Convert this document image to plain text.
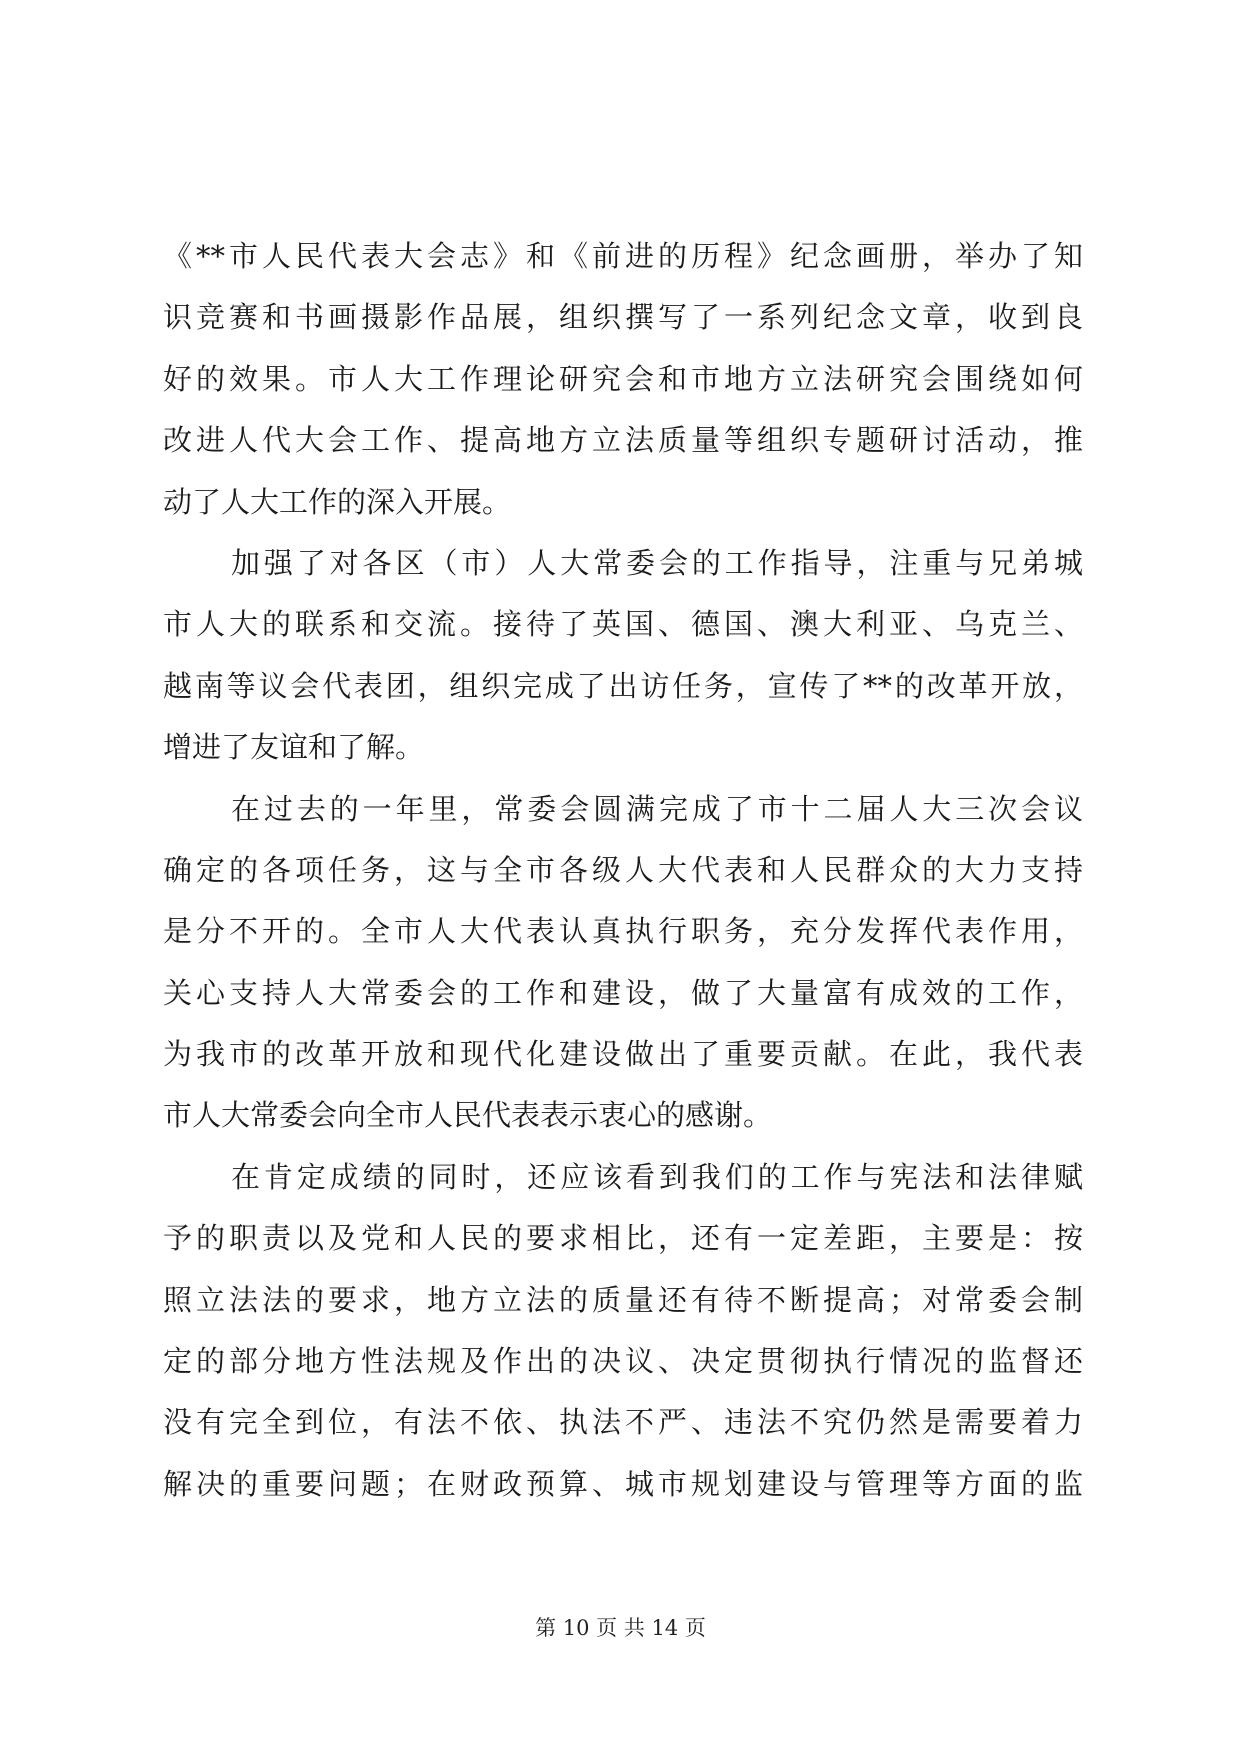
《**市人民代表大会志》和《前进的历程》纪念画册，举办了知
识竞赛和书画摄影作品展，组织撰写了一系列纪念文章，收到良
好的效果。市人大工作理论研究会和市地方立法研究会围绕如何
改进人代大会工作、提高地方立法质量等组织专题研讨活动，推
动了人大工作的深入开展。
加强了对各区（市）人大常委会的工作指导，注重与兄弟城
市人大的联系和交流。接待了英国、德国、澳大利亚、乌克兰、
越南等议会代表团，组织完成了出访任务，宣传了**的改革开放，
增进了友谊和了解。
在过去的一年里，常委会圆满完成了市十二届人大三次会议
确定的各项任务，这与全市各级人大代表和人民群众的大力支持
是分不开的。全市人大代表认真执行职务，充分发挥代表作用，
关心支持人大常委会的工作和建设，做了大量富有成效的工作，
为我市的改革开放和现代化建设做出了重要贡献。在此，我代表
市人大常委会向全市人民代表表示衷心的感谢。
在肯定成绩的同时，还应该看到我们的工作与宪法和法律赋
予的职责以及党和人民的要求相比，还有一定差距，主要是：按
照立法法的要求，地方立法的质量还有待不断提高；对常委会制
定的部分地方性法规及作出的决议、决定贯彻执行情况的监督还
没有完全到位，有法不依、执法不严、违法不究仍然是需要着力
解决的重要问题；在财政预算、城市规划建设与管理等方面的监
第 10 页 共 14 页
